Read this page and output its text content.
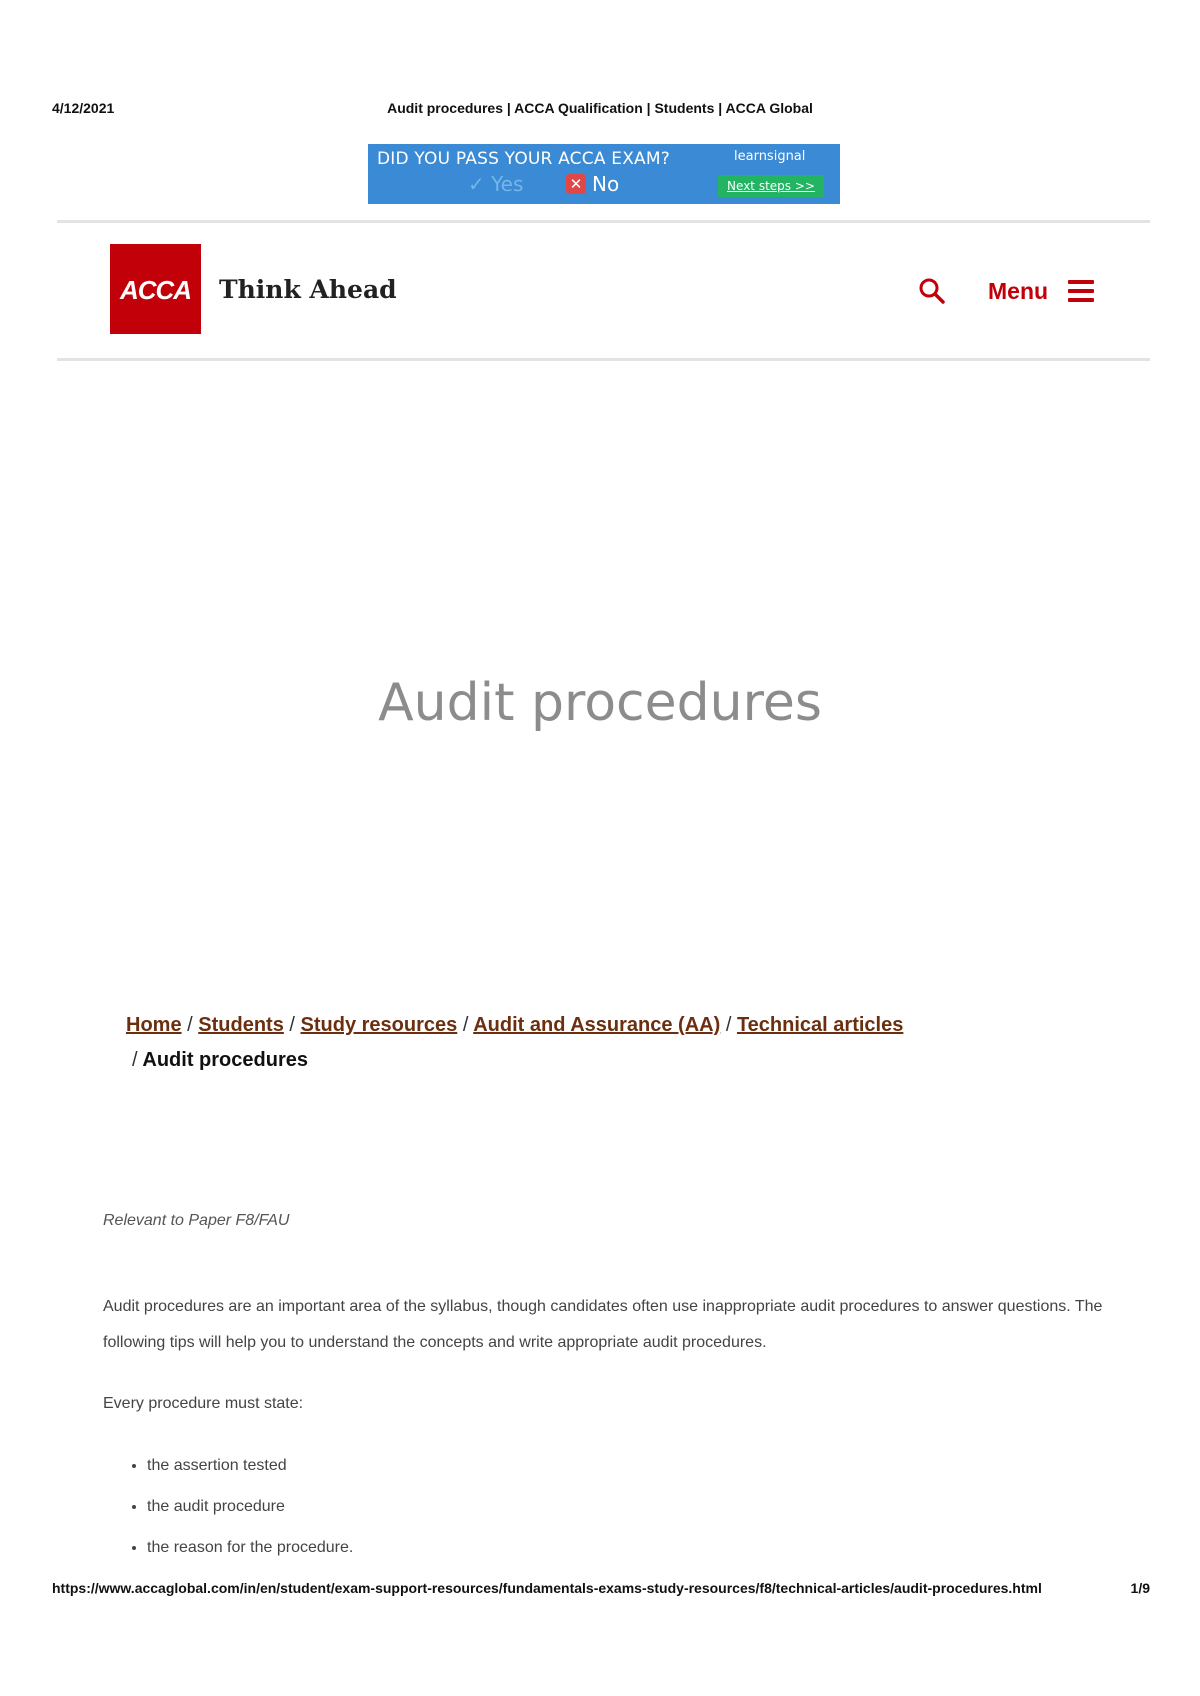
4/12/2021	Audit procedures | ACCA Qualification | Students | ACCA Global
DID YOU PASS YOUR ACCA EXAM?	learnsignal
✓ Yes	✕ No	Next steps >>
ACCA	Think Ahead	Menu
Audit procedures
Home / Students / Study resources / Audit and Assurance (AA) / Technical articles
/ Audit procedures

Relevant to Paper F8/FAU

Audit procedures are an important area of the syllabus, though candidates often use inappropriate audit procedures to answer questions. The following tips will help you to understand the concepts and write appropriate audit procedures.

Every procedure must state:

• the assertion tested
• the audit procedure
• the reason for the procedure.
https://www.accaglobal.com/in/en/student/exam-support-resources/fundamentals-exams-study-resources/f8/technical-articles/audit-procedures.html	1/9
